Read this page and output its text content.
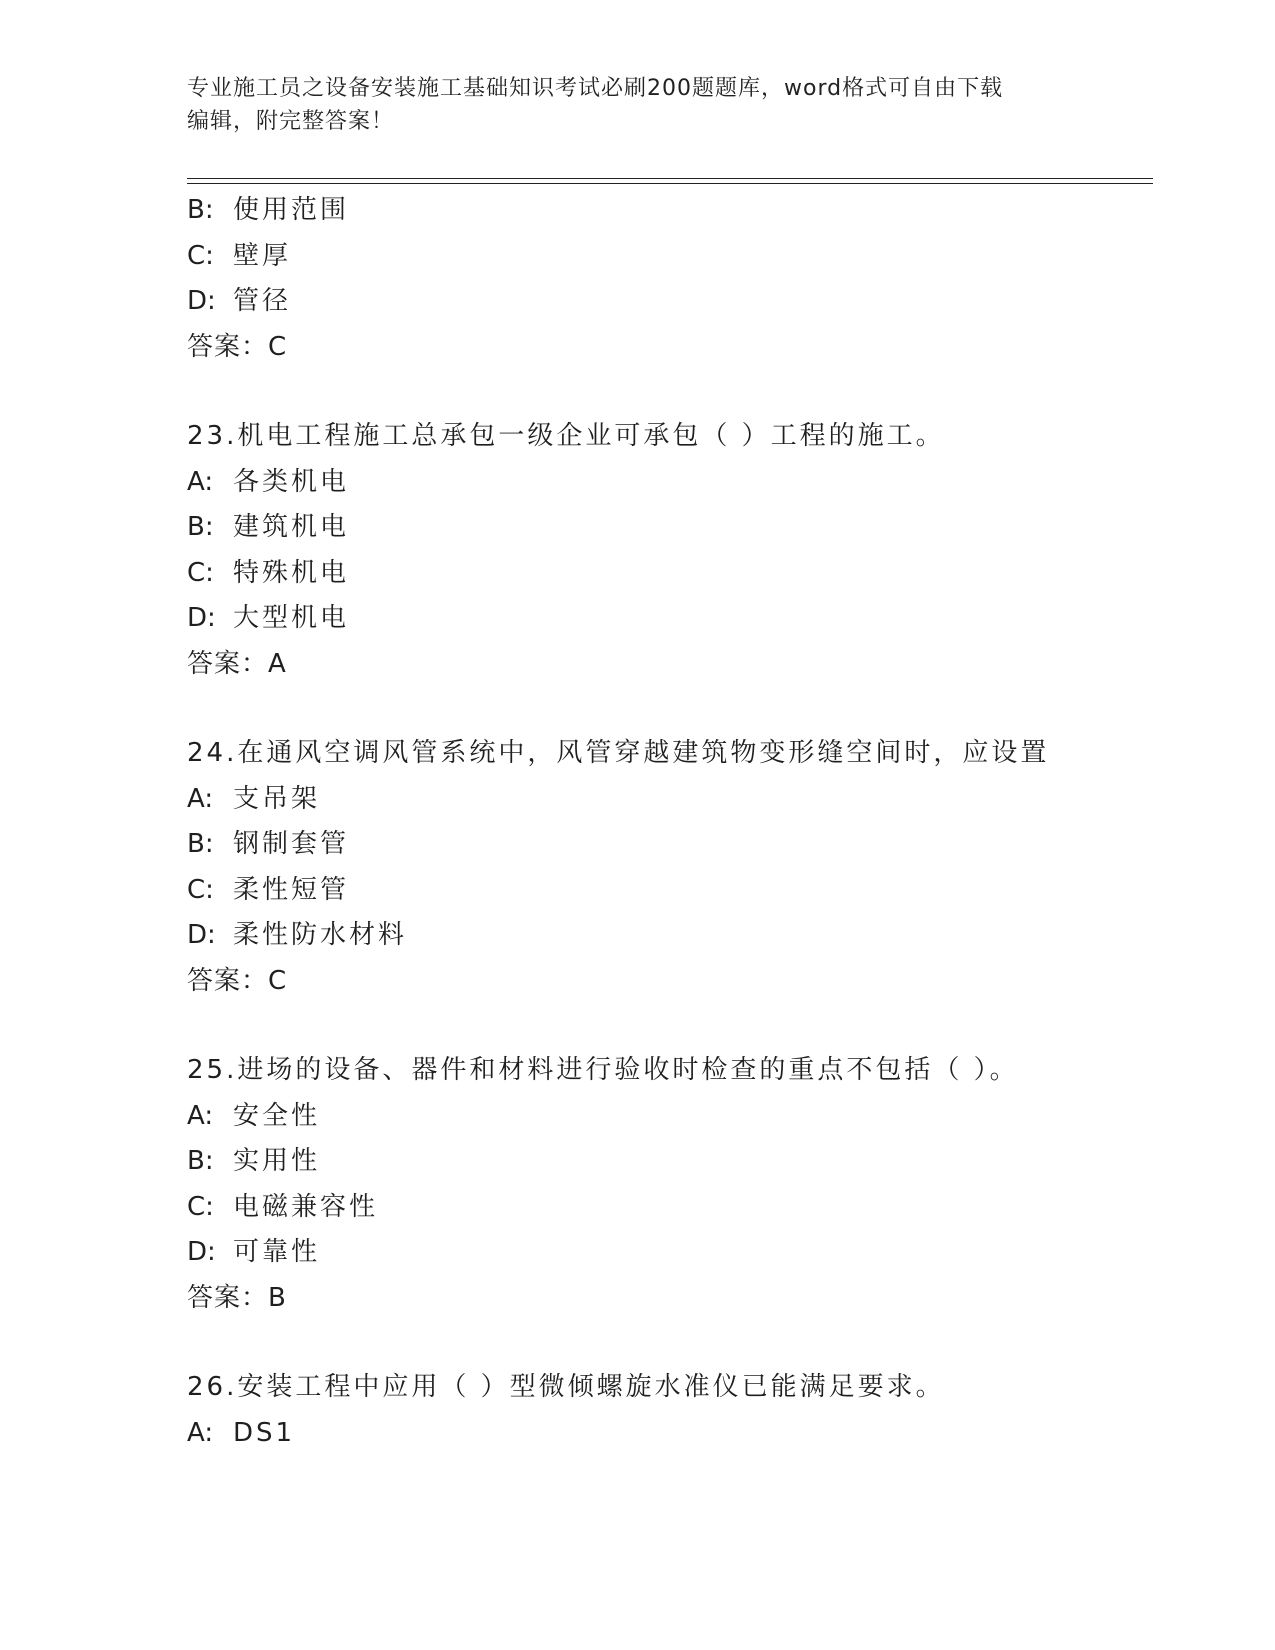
专业施工员之设备安装施工基础知识考试必刷200题题库，word格式可自由下载
编辑，附完整答案！
B: 使用范围
C: 壁厚
D: 管径
答案：C
23.机电工程施工总承包一级企业可承包（ ）工程的施工。
A: 各类机电
B: 建筑机电
C: 特殊机电
D: 大型机电
答案：A
24.在通风空调风管系统中，风管穿越建筑物变形缝空间时，应设置
A: 支吊架
B: 钢制套管
C: 柔性短管
D: 柔性防水材料
答案：C
25.进场的设备、器件和材料进行验收时检查的重点不包括（ ）。
A: 安全性
B: 实用性
C: 电磁兼容性
D: 可靠性
答案：B
26.安装工程中应用（ ）型微倾螺旋水准仪已能满足要求。
A: DS1
